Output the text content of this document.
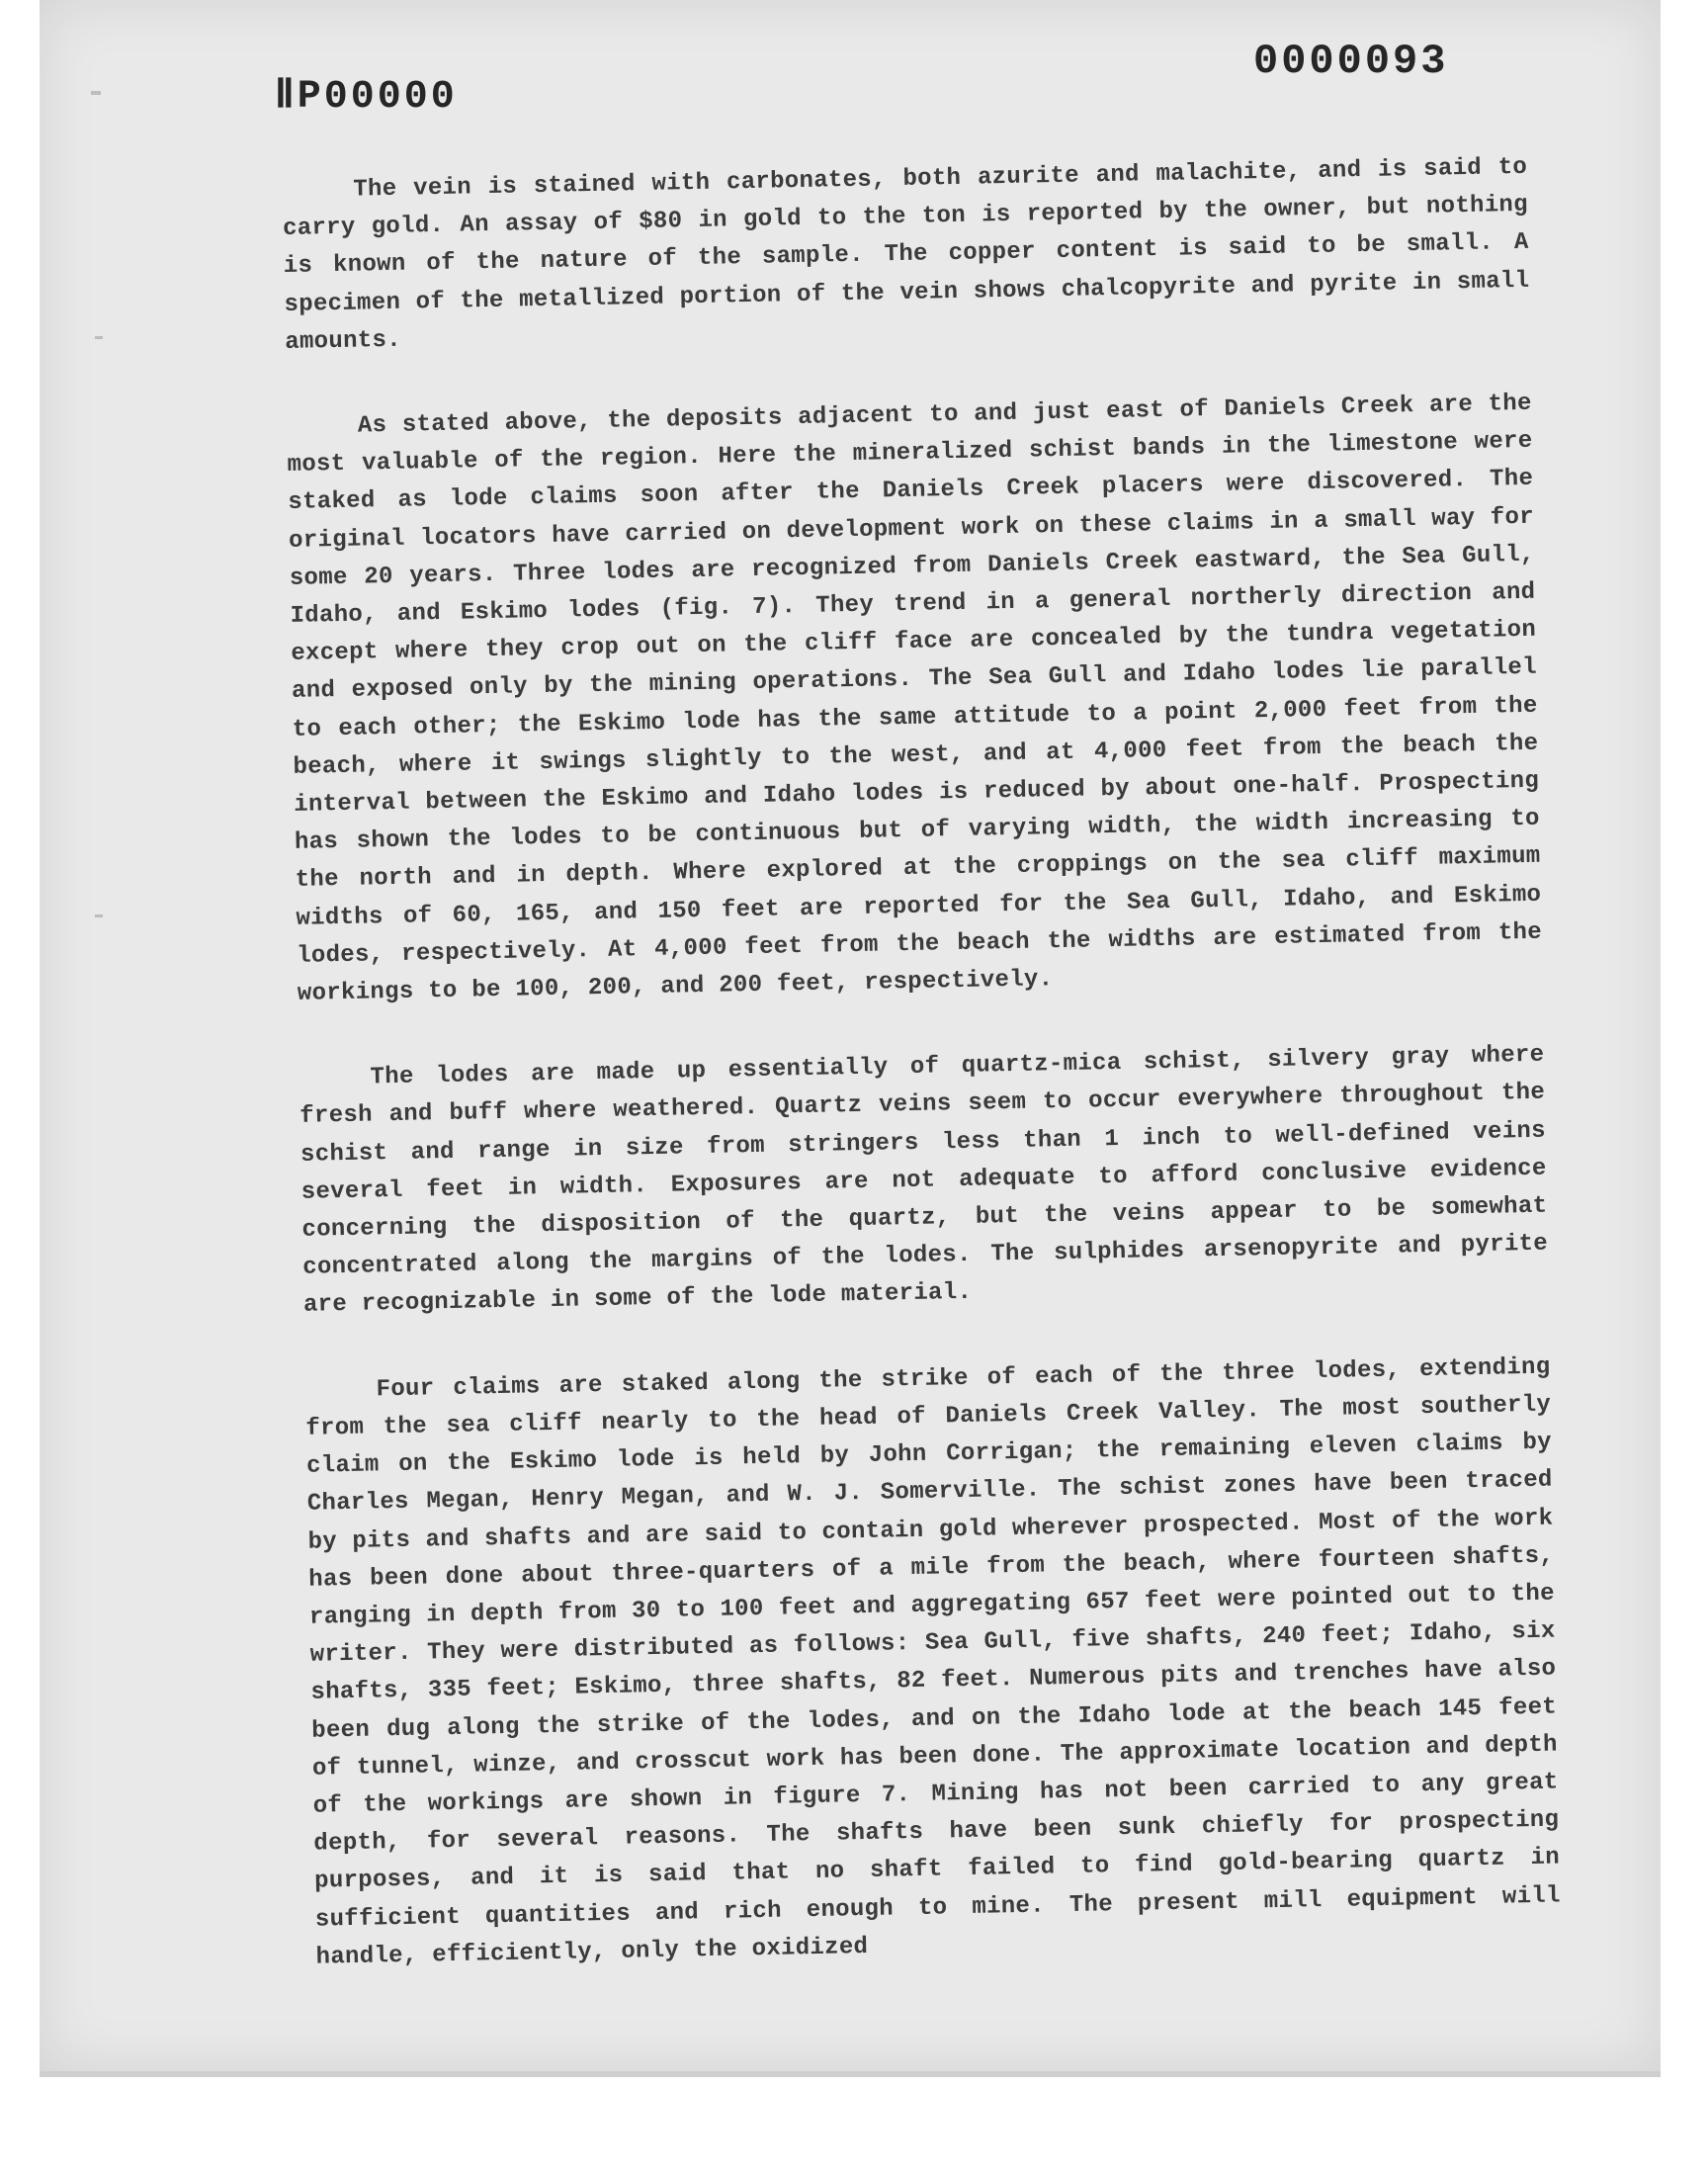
ⅡP00000
0000093

The vein is stained with carbonates, both azurite and malachite, and is said to carry gold. An assay of $80 in gold to the ton is reported by the owner, but nothing is known of the nature of the sample. The copper content is said to be small. A specimen of the metallized portion of the vein shows chalcopyrite and pyrite in small amounts.

As stated above, the deposits adjacent to and just east of Daniels Creek are the most valuable of the region. Here the mineralized schist bands in the limestone were staked as lode claims soon after the Daniels Creek placers were discovered. The original locators have carried on development work on these claims in a small way for some 20 years. Three lodes are recognized from Daniels Creek eastward, the Sea Gull, Idaho, and Eskimo lodes (fig. 7). They trend in a general northerly direction and except where they crop out on the cliff face are concealed by the tundra vegetation and exposed only by the mining operations. The Sea Gull and Idaho lodes lie parallel to each other; the Eskimo lode has the same attitude to a point 2,000 feet from the beach, where it swings slightly to the west, and at 4,000 feet from the beach the interval between the Eskimo and Idaho lodes is reduced by about one-half. Prospecting has shown the lodes to be continuous but of varying width, the width increasing to the north and in depth. Where explored at the croppings on the sea cliff maximum widths of 60, 165, and 150 feet are reported for the Sea Gull, Idaho, and Eskimo lodes, respectively. At 4,000 feet from the beach the widths are estimated from the workings to be 100, 200, and 200 feet, respectively.

The lodes are made up essentially of quartz-mica schist, silvery gray where fresh and buff where weathered. Quartz veins seem to occur everywhere throughout the schist and range in size from stringers less than 1 inch to well-defined veins several feet in width. Exposures are not adequate to afford conclusive evidence concerning the disposition of the quartz, but the veins appear to be somewhat concentrated along the margins of the lodes. The sulphides arsenopyrite and pyrite are recognizable in some of the lode material.

Four claims are staked along the strike of each of the three lodes, extending from the sea cliff nearly to the head of Daniels Creek Valley. The most southerly claim on the Eskimo lode is held by John Corrigan; the remaining eleven claims by Charles Megan, Henry Megan, and W. J. Somerville. The schist zones have been traced by pits and shafts and are said to contain gold wherever prospected. Most of the work has been done about three-quarters of a mile from the beach, where fourteen shafts, ranging in depth from 30 to 100 feet and aggregating 657 feet were pointed out to the writer. They were distributed as follows: Sea Gull, five shafts, 240 feet; Idaho, six shafts, 335 feet; Eskimo, three shafts, 82 feet. Numerous pits and trenches have also been dug along the strike of the lodes, and on the Idaho lode at the beach 145 feet of tunnel, winze, and crosscut work has been done. The approximate location and depth of the workings are shown in figure 7. Mining has not been carried to any great depth, for several reasons. The shafts have been sunk chiefly for prospecting purposes, and it is said that no shaft failed to find gold-bearing quartz in sufficient quantities and rich enough to mine. The present mill equipment will handle, efficiently, only the oxidized
